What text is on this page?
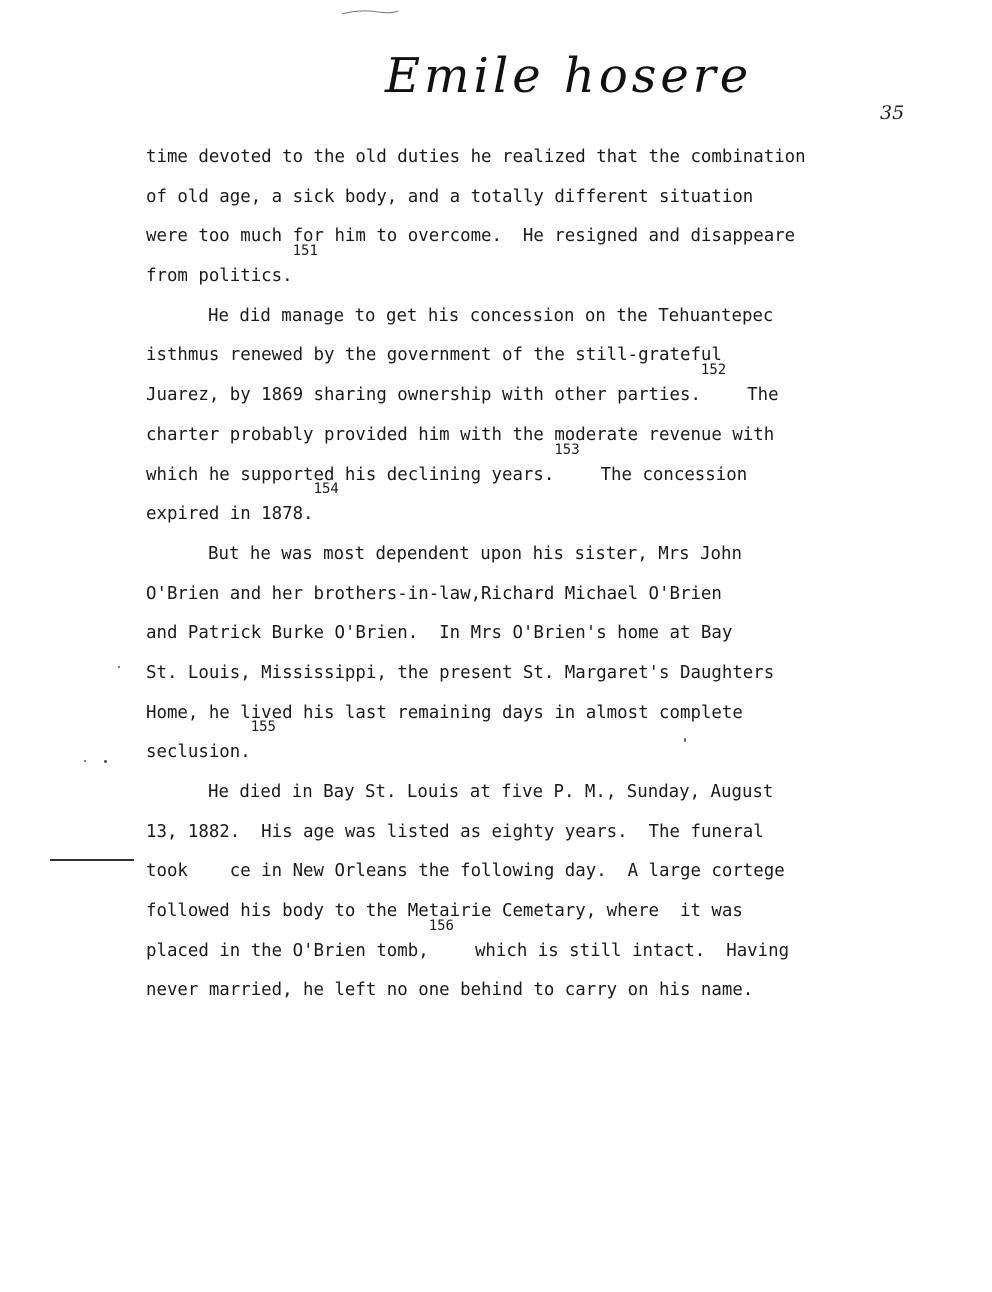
Emile hosere
35
time devoted to the old duties he realized that the combination
of old age, a sick body, and a totally different situation
were too much for him to overcome.  He resigned and disappeare
from politics.$^{151}$
He did manage to get his concession on the Tehuantepec
isthmus renewed by the government of the still-grateful
Juarez, by 1869 sharing ownership with other parties.$^{152}$  The
charter probably provided him with the moderate revenue with
which he supported his declining years.$^{153}$  The concession
expired in 1878.$^{154}$
But he was most dependent upon his sister, Mrs John
O'Brien and her brothers-in-law,Richard Michael O'Brien
and Patrick Burke O'Brien.  In Mrs O'Brien's home at Bay
St. Louis, Mississippi, the present St. Margaret's Daughters
Home, he lived his last remaining days in almost complete
seclusion.$^{155}$
He died in Bay St. Louis at five P. M., Sunday, August
13, 1882.  His age was listed as eighty years.  The funeral
took    ce in New Orleans the following day.  A large cortege
followed his body to the Metairie Cemetary, where  it was
placed in the O'Brien tomb,$^{156}$  which is still intact.  Having
never married, he left no one behind to carry on his name.
